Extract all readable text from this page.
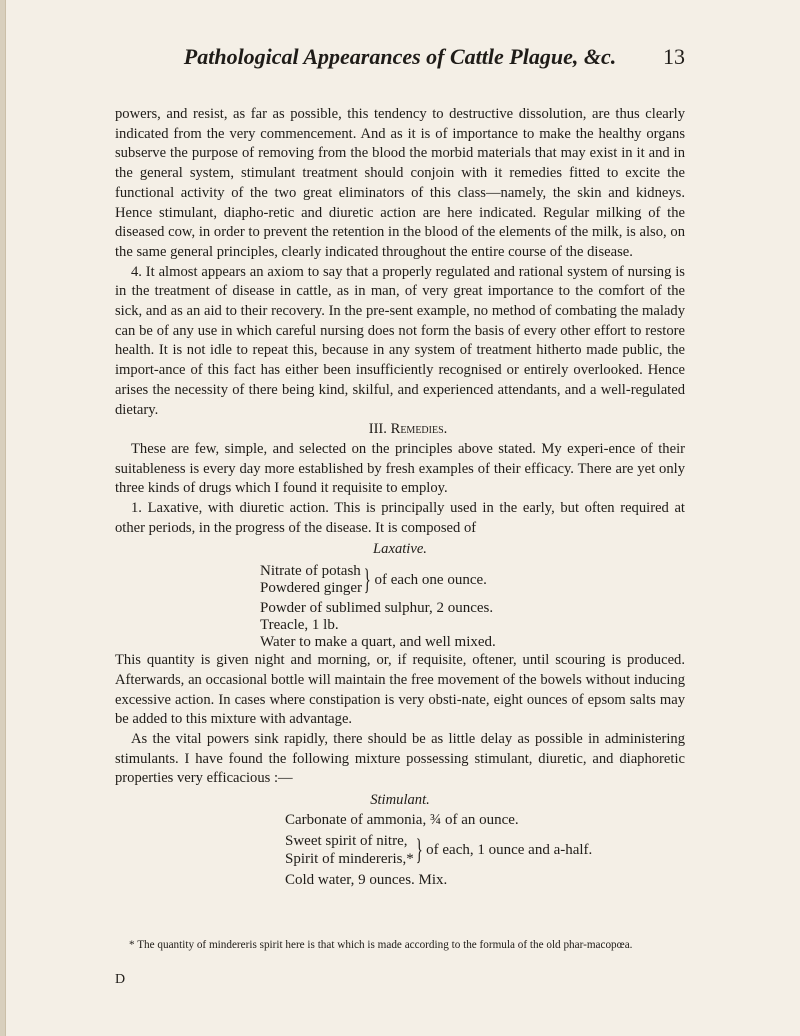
Pathological Appearances of Cattle Plague, &c.	13

powers, and resist, as far as possible, this tendency to destructive dissolution, are thus clearly indicated from the very commencement. And as it is of importance to make the healthy organs subserve the purpose of removing from the blood the morbid materials that may exist in it and in the general system, stimulant treatment should conjoin with it remedies fitted to excite the functional activity of the two great eliminators of this class—namely, the skin and kidneys. Hence stimulant, diapho-retic and diuretic action are here indicated. Regular milking of the diseased cow, in order to prevent the retention in the blood of the elements of the milk, is also, on the same general principles, clearly indicated throughout the entire course of the disease.

4. It almost appears an axiom to say that a properly regulated and rational system of nursing is in the treatment of disease in cattle, as in man, of very great importance to the comfort of the sick, and as an aid to their recovery. In the pre-sent example, no method of combating the malady can be of any use in which careful nursing does not form the basis of every other effort to restore health. It is not idle to repeat this, because in any system of treatment hitherto made public, the import-ance of this fact has either been insufficiently recognised or entirely overlooked. Hence arises the necessity of there being kind, skilful, and experienced attendants, and a well-regulated dietary.

III. Remedies.

These are few, simple, and selected on the principles above stated. My experi-ence of their suitableness is every day more established by fresh examples of their efficacy. There are yet only three kinds of drugs which I found it requisite to employ.

1. Laxative, with diuretic action. This is principally used in the early, but often required at other periods, in the progress of the disease. It is composed of

Laxative.
Nitrate of potash
Powdered ginger } of each one ounce.
Powder of sublimed sulphur, 2 ounces.
Treacle, 1 lb.
Water to make a quart, and well mixed.

This quantity is given night and morning, or, if requisite, oftener, until scouring is produced. Afterwards, an occasional bottle will maintain the free movement of the bowels without inducing excessive action. In cases where constipation is very obsti-nate, eight ounces of epsom salts may be added to this mixture with advantage.

As the vital powers sink rapidly, there should be as little delay as possible in administering stimulants. I have found the following mixture possessing stimulant, diuretic, and diaphoretic properties very efficacious :—

Stimulant.
Carbonate of ammonia, ¾ of an ounce.
Sweet spirit of nitre,
Spirit of mindereris,* } of each, 1 ounce and a-half.
Cold water, 9 ounces. Mix.

* The quantity of mindereris spirit here is that which is made according to the formula of the old phar-macopœa.

D
